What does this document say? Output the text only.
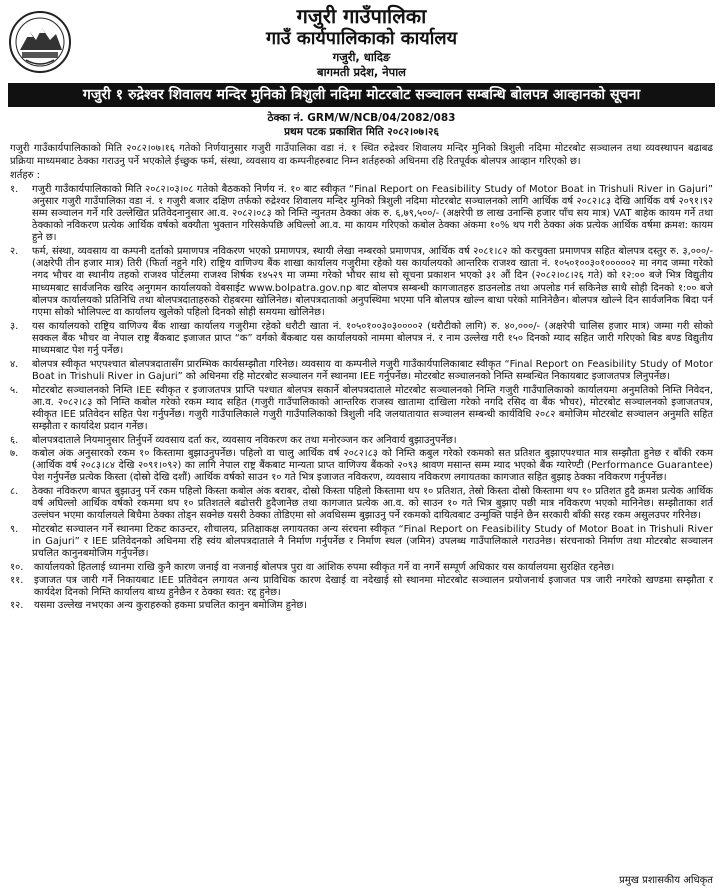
गजुरी गाउँपालिका
गाउँ कार्यपालिकाको कार्यालय
गजुरी, धादिङ
बागमती प्रदेश, नेपाल
गजुरी १ रुद्रेश्वर शिवालय मन्दिर मुनिको त्रिशुली नदिमा मोटरबोट सञ्चालन सम्बन्धि बोलपत्र आव्हानको सूचना
ठेक्का नं. GRM/W/NCB/04/2082/083
प्रथम पटक प्रकाशित मिति २०८२।०७।२६
गजुरी गाउँकार्यपालिकाको मिति २०८२।०७।१६ गतेको निर्णयानुसार गजुरी गाउँपालिका वडा नं. १ स्थित रुद्रेश्वर शिवालय मन्दिर मुनिको त्रिशुली नदिमा मोटरबोट सञ्चालन तथा व्यवस्थापन बढाबढ प्रक्रिया माध्यमबाट ठेक्का गराउनु पर्ने भएकोले ईच्छुक फर्म, संस्था, व्यवसाय वा कम्पनीहरुबाट निम्न शर्तहरुको अधिनमा रहि रितपूर्वक बोलपत्र आव्हान गरिएको छ।
शर्तहरु :
१.	गजुरी गाउँकार्यपालिकाको मिति २०८२।०३।०८ गतेको बैठकको निर्णय नं. १० बाट स्वीकृत “Final Report on Feasibility Study of Motor Boat in Trishuli River in Gajuri” अनुसार गजुरी गाउँपालिका वडा नं. १ गजुरी बजार दक्षिण तर्फको रुद्रेश्वर शिवालय मन्दिर मुनिको त्रिशुली नदिमा मोटरबोट सञ्चालनको लागि आर्थिक वर्ष २०८२।८३ देखि आर्थिक वर्ष २०९१।९२ सम्म सञ्चालन गर्ने गरि उल्लेखित प्रतिवेदनानुसार आ.व. २०८२।०८३ को निम्ति न्युनतम ठेक्का अंक रु. ६,७९,५००/- (अक्षरेपी छ लाख उनान्सि हजार पाँच सय मात्र) VAT बाहेक कायम गर्ने तथा ठेक्काको नविकरण प्रत्येक आर्थिक वर्षको बक्यौता भुक्तान गरिसकेपछि अघिल्लो आ.व. मा कायम गरिएको कबोल ठेक्का अंकमा १०% थप गरी ठेक्का अंक प्रत्येक आर्थिक वर्षमा क्रमश: कायम हुने छ।
२.	फर्म, संस्था, व्यवसाय वा कम्पनी दर्ताको प्रमाणपत्र नविकरण भएको प्रमाणपत्र, स्थायी लेखा नम्बरको प्रमाणपत्र, आर्थिक वर्ष २०८१।८२ को करचुक्ता प्रमाणपत्र सहित बोलपत्र दस्तुर रु. ३,०००/- (अक्षरेपी तीन हजार मात्र) तिरी (फिर्ता नहुने गरि) राष्ट्रिय वाणिज्य बैंक शाखा कार्यालय गजुरीमा रहेको यस कार्यालयको आन्तरिक राजश्व खाता नं. १०५०१००३०१०००००२ मा नगद जम्मा गरेको नगद भौचर वा स्थानीय तहको राजश्व पोर्टलमा राजश्व शिर्षक १४५२९ मा जम्मा गरेको भौचर साथ सो सूचना प्रकाशन भएको ३१ औं दिन (२०८२।०८।२६ गते) को १२:०० बजे भित्र विद्युतीय माध्यमबाट सार्वजनिक खरिद अनुगमन कार्यालयको वेबसाईट www.bolpatra.gov.np बाट बोलपत्र सम्बन्धी कागजातहरु डाउनलोड तथा अपलोड गर्न सकिनेछ साथै सोही दिनको १:०० बजे बोलपत्र कार्यालयको प्रतिनिधि तथा बोलपत्रदाताहरुको रोहबरमा खोलिनेछ। बोलपत्रदाताको अनुपस्थिमा भएमा पनि बोलपत्र खोल्न बाधा परेको मानिनेछैन। बोलपत्र खोल्ने दिन सार्वजनिक बिदा पर्न गएमा सोको भोलिपल्ट वा कार्यालय खुलेको पहिलो दिनको सोही समयमा खोलिनेछ।
३.	यस कार्यालयको राष्ट्रिय वाणिज्य बैंक शाखा कार्यालय गजुरीमा रहेको धरौटी खाता नं. १०५०१००३०३००००२ (धरौटीको लागि) रु. ४०,०००/- (अक्षरेपी चालिस हजार मात्र) जम्मा गरी सोको सक्कल बैंक भौचर वा नेपाल राष्ट्र बैंकबाट इजाजत प्राप्त “क” वर्गको बैंकबाट यस कार्यालयको नाममा बोलपत्र नं. र नाम उल्लेख गरी १५० दिनको म्याद सहित जारी गरिएको बिड बण्ड विद्युतीय माध्यमबाट पेश गर्नु पर्नेछ।
४.	बोलपत्र स्वीकृत भएपश्चात बोलपत्रदातासँग प्रारम्भिक कार्यसम्झौता गरिनेछ। व्यवसाय वा कम्पनीले गजुरी गाउँकार्यपालिकाबाट स्वीकृत “Final Report on Feasibility Study of Motor Boat in Trishuli River in Gajuri” को अधिनमा रहि मोटरबोट सञ्चालन गर्ने स्थानमा IEE गर्नुपर्नेछ। मोटरबोट सञ्चालनको निम्ति सम्बन्धित निकायबाट इजाजतपत्र लिनुपर्नेछ।
५.	मोटरबोट सञ्चालनको निम्ति IEE स्वीकृत र इजाजतपत्र प्राप्ति पश्चात बोलपत्र सकार्ने बोलपत्रदाताले मोटरबोट सञ्चालनको निम्ति गजुरी गाउँपालिकाको कार्यालयमा अनुमतिको निम्ति निवेदन, आ.व. २०८२।८३ को निम्ति कबोल गरेको रकम म्याद सहित (गजुरी गाउँपालिकाको आन्तरिक राजस्व खातामा दाखिला गरेको नगदि रसिद वा बैंक भौचर), मोटरबोट सञ्चालनको इजाजतपत्र, स्वीकृत IEE प्रतिवेदन सहित पेश गर्नुपर्नेछ। गजुरी गाउँपालिकाले गजुरी गाउँपालिकाको त्रिशुली नदि जलयातायात सञ्चालन सम्बन्धी कार्यविधि २०८२ बमोजिम मोटरबोट सञ्चालन अनुमति सहित सम्झौता र कार्यादेश प्रदान गर्नेछ।
६.	बोलपत्रदाताले नियमानुसार तिर्नुपर्ने व्यवसाय दर्ता कर, व्यवसाय नविकरण कर तथा मनोरञ्जन कर अनिवार्य बुझाउनुपर्नेछ।
७.	कबोल अंक अनुसारको रकम १० किस्तामा बुझाउनुपर्नेछ। पहिलो वा चालु आर्थिक वर्ष २०८२।८३ को निम्ति कबुल गरेको रकमको सत प्रतिशत बुझाएपश्चात मात्र सम्झौता हुनेछ र बाँकी रकम (आर्थिक वर्ष २०८३।८४ देखि २०९१।०९२) का लागि नेपाल राष्ट्र बैंकबाट मान्यता प्राप्त वाणिज्य बैंकको २०९३ श्रावण मसान्त सम्म म्याद भएको बैंक ग्यारेण्टी (Performance Guarantee) पेश गर्नुपर्नेछ प्रत्येक किस्ता (दोस्रो देखि दशौं) आर्थिक वर्षको साउन १० गते भित्र इजाजत नविकरण, व्यवसाय नविकरण लगायतका कागजात सहित बुझाइ ठेक्का नविकरण गर्नुपर्नेछ।
८.	ठेक्का नविकरण बापत बुझाउनु पर्ने रकम पहिलो किस्ता कबोल अंक बराबर, दोस्रो किस्ता पहिलो किस्तामा थप १० प्रतिशत, तेस्रो किस्ता दोस्रो किस्तामा थप १० प्रतिशत हुदै क्रमश प्रत्येक आर्थिक वर्ष अघिल्लो आर्थिक वर्षको रकममा थप १० प्रतिशतले बढोत्तरी हुदैजानेछ तथा कागजात प्रत्येक आ.व. को साउन १० गते भित्र बुझाए पछी मात्र नविकरण भएको मानिनेछ। सम्झौताका शर्त उल्लंघन भएमा कार्यालयले बिचैमा ठेक्का तोड्न सक्नेछ यसरी ठेक्का तोडिएमा सो अवधिसम्म बुझाउनु पर्ने रकमको दायित्वबाट उन्मुक्ति पाईने छैन सरकारी बाँकी सरह रकम असुलउपर गरिनेछ।
९.	मोटरबोट सञ्चालन गर्ने स्थानमा टिकट काउन्टर, शौचालय, प्रतिक्षाकक्ष लगायतका अन्य संरचना स्वीकृत “Final Report on Feasibility Study of Motor Boat in Trishuli River in Gajuri” र IEE प्रतिवेदनको अधिनमा रहि स्वंय बोलपत्रदाताले नै निर्माण गर्नुपर्नेछ र निर्माण स्थल (जमिन) उपलब्ध गाउँपालिकाले गराउनेछ। संरचनाको निर्माण तथा मोटरबोट सञ्चालन प्रचलित कानुनबमोजिम गर्नुपर्नेछ।
१०.	कार्यालयको हितलाई ध्यानमा राखि कुनै कारण जनाई वा नजनाई बोलपत्र पुरा वा आंशिक रुपमा स्वीकृत गर्ने वा नगर्ने सम्पूर्ण अधिकार यस कार्यालयमा सुरक्षित रहनेछ।
११.	इजाजत पत्र जारी गर्ने निकायबाट IEE प्रतिवेदन लगायत अन्य प्राविधिक कारण देखाई वा नदेखाई सो स्थानमा मोटरबोट सञ्चालन प्रयोजनार्थ इजाजत पत्र जारी नगरेको खण्डमा सम्झौता र कार्यदेश दिनको निम्ति कार्यालय बाध्य हुनेछैन र ठेक्का स्वत: रद्द हुनेछ।
१२.	यसमा उल्लेख नभएका अन्य कुराहरुको हकमा प्रचलित कानुन बमोजिम हुनेछ।
प्रमुख प्रशासकीय अधिकृत
